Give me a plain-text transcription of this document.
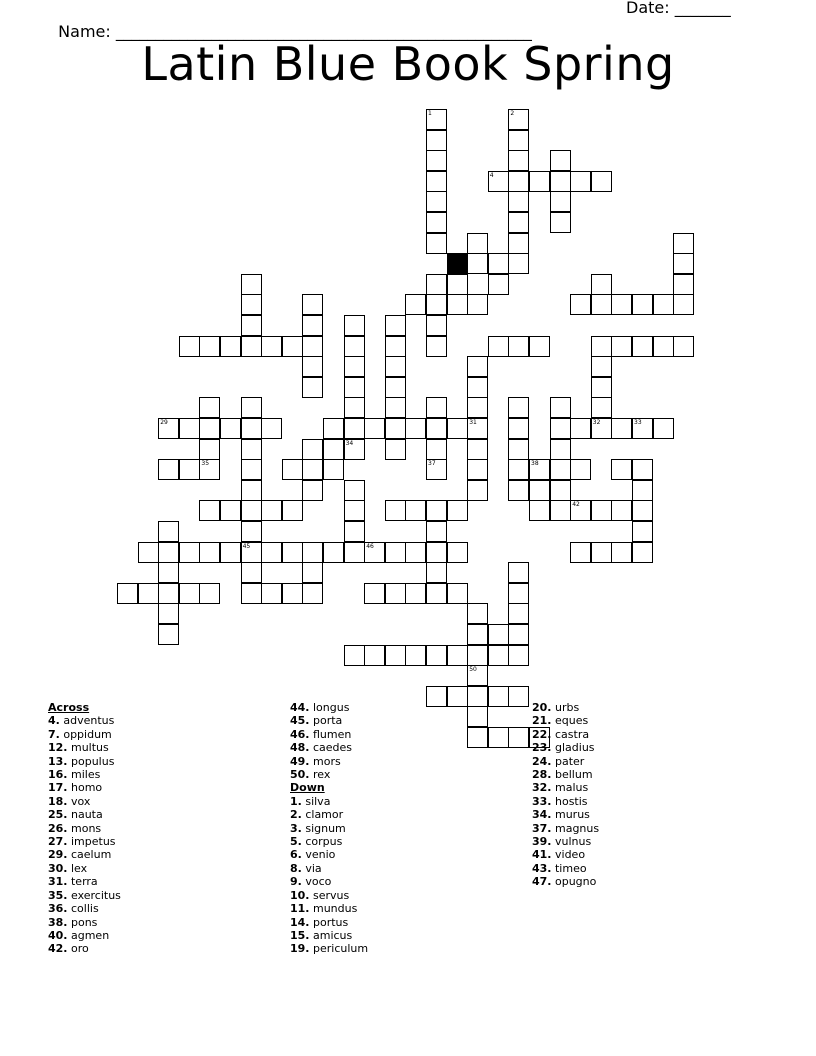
Name: ____________________________________________________

Date: _______

Latin Blue Book Spring
1	2
4
29	31	32	33
34
35	37	38
42
45	46
50
Across
4. adventus
7. oppidum
12. multus
13. populus
16. miles
17. homo
18. vox
25. nauta
26. mons
27. impetus
29. caelum
30. lex
31. terra
35. exercitus
36. collis
38. pons
40. agmen
42. oro
44. longus
45. porta
46. flumen
48. caedes
49. mors
50. rex
Down
1. silva
2. clamor
3. signum
5. corpus
6. venio
8. via
9. voco
10. servus
11. mundus
14. portus
15. amicus
19. periculum
20. urbs
21. eques
22. castra
23. gladius
24. pater
28. bellum
32. malus
33. hostis
34. murus
37. magnus
39. vulnus
41. video
43. timeo
47. opugno
